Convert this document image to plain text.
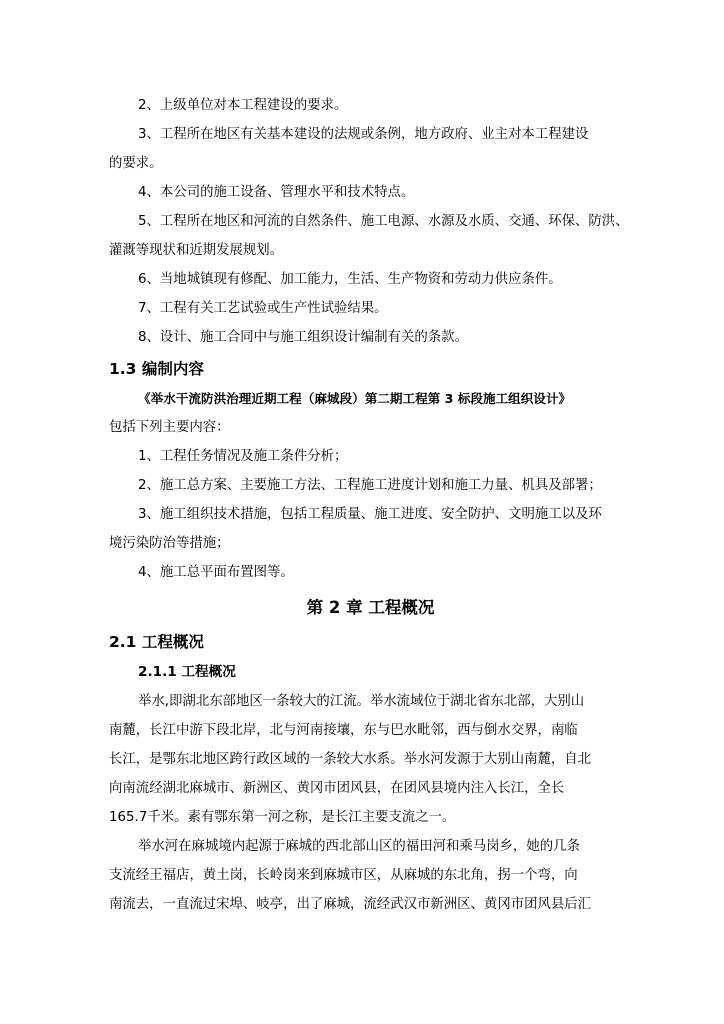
2、上级单位对本工程建设的要求。

3、工程所在地区有关基本建设的法规或条例，地方政府、业主对本工程建设

的要求。

4、本公司的施工设备、管理水平和技术特点。

5、工程所在地区和河流的自然条件、施工电源、水源及水质、交通、环保、防洪、

灌溉等现状和近期发展规划。

6、当地城镇现有修配、加工能力，生活、生产物资和劳动力供应条件。

7、工程有关工艺试验或生产性试验结果。

8、设计、施工合同中与施工组织设计编制有关的条款。

1.3 编制内容

《举水干流防洪治理近期工程（麻城段）第二期工程第 3 标段施工组织设计》

包括下列主要内容：

1、工程任务情况及施工条件分析；

2、施工总方案、主要施工方法、工程施工进度计划和施工力量、机具及部署；

3、施工组织技术措施，包括工程质量、施工进度、安全防护、文明施工以及环

境污染防治等措施；

4、施工总平面布置图等。

第 2 章 工程概况
2.1 工程概况
2.1.1 工程概况

举水,即湖北东部地区一条较大的江流。举水流域位于湖北省东北部，大别山

南麓，长江中游下段北岸，北与河南接壤，东与巴水毗邻，西与倒水交界，南临

长江，是鄂东北地区跨行政区域的一条较大水系。举水河发源于大别山南麓，自北

向南流经湖北麻城市、新洲区、黄冈市团风县，在团风县境内注入长江，全长

165.7千米。素有鄂东第一河之称，是长江主要支流之一。

举水河在麻城境内起源于麻城的西北部山区的福田河和乘马岗乡，她的几条

支流经王福店，黄土岗，长岭岗来到麻城市区，从麻城的东北角，拐一个弯，向

南流去，一直流过宋埠、岐亭，出了麻城，流经武汉市新洲区、黄冈市团风县后汇
